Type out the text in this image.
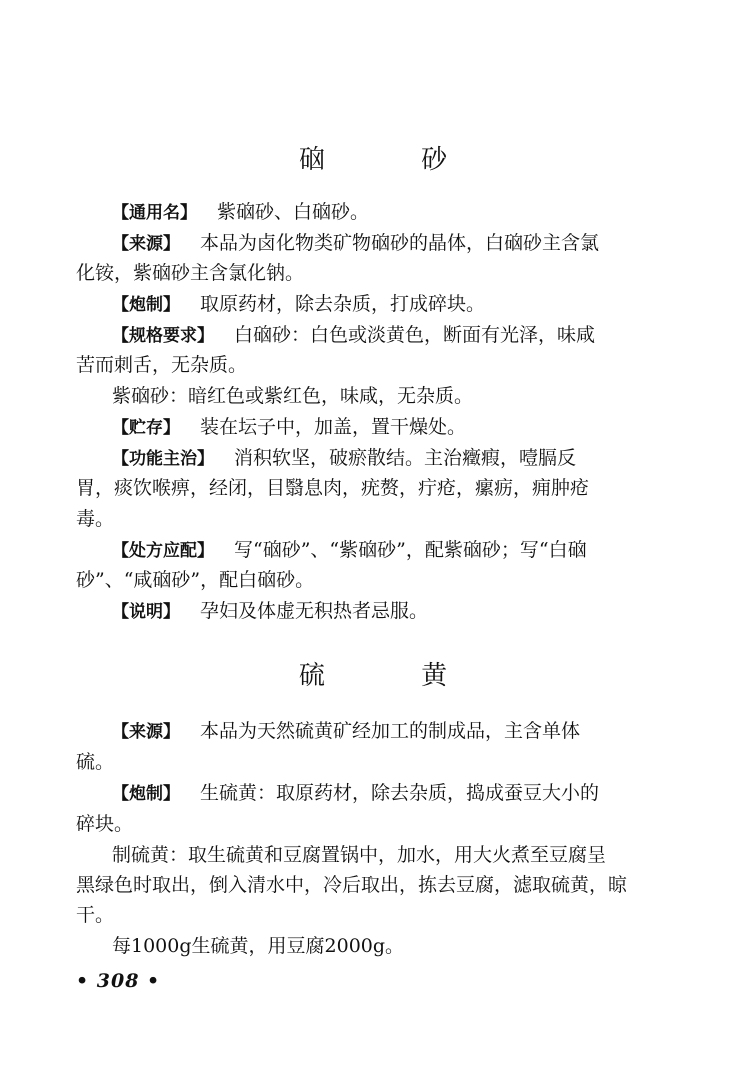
硇 砂
【通用名】 紫硇砂、白硇砂。
【来源】 本品为卤化物类矿物硇砂的晶体，白硇砂主含氯
化铵，紫硇砂主含氯化钠。
【炮制】 取原药材，除去杂质，打成碎块。
【规格要求】 白硇砂：白色或淡黄色，断面有光泽，味咸
苦而刺舌，无杂质。
紫硇砂：暗红色或紫红色，味咸，无杂质。
【贮存】 装在坛子中，加盖，置干燥处。
【功能主治】 消积软坚，破瘀散结。主治癥瘕，噎膈反
胃，痰饮喉痹，经闭，目翳息肉，疣赘，疔疮，瘰疬，痈肿疮
毒。
【处方应配】 写“硇砂”、“紫硇砂”，配紫硇砂；写“白硇
砂”、“咸硇砂”，配白硇砂。
【说明】 孕妇及体虚无积热者忌服。
硫 黄
【来源】 本品为天然硫黄矿经加工的制成品，主含单体
硫。
【炮制】 生硫黄：取原药材，除去杂质，捣成蚕豆大小的
碎块。
制硫黄：取生硫黄和豆腐置锅中，加水，用大火煮至豆腐呈
黑绿色时取出，倒入清水中，冷后取出，拣去豆腐，滤取硫黄，晾
干。
每1000g生硫黄，用豆腐2000g。
• 308 •
